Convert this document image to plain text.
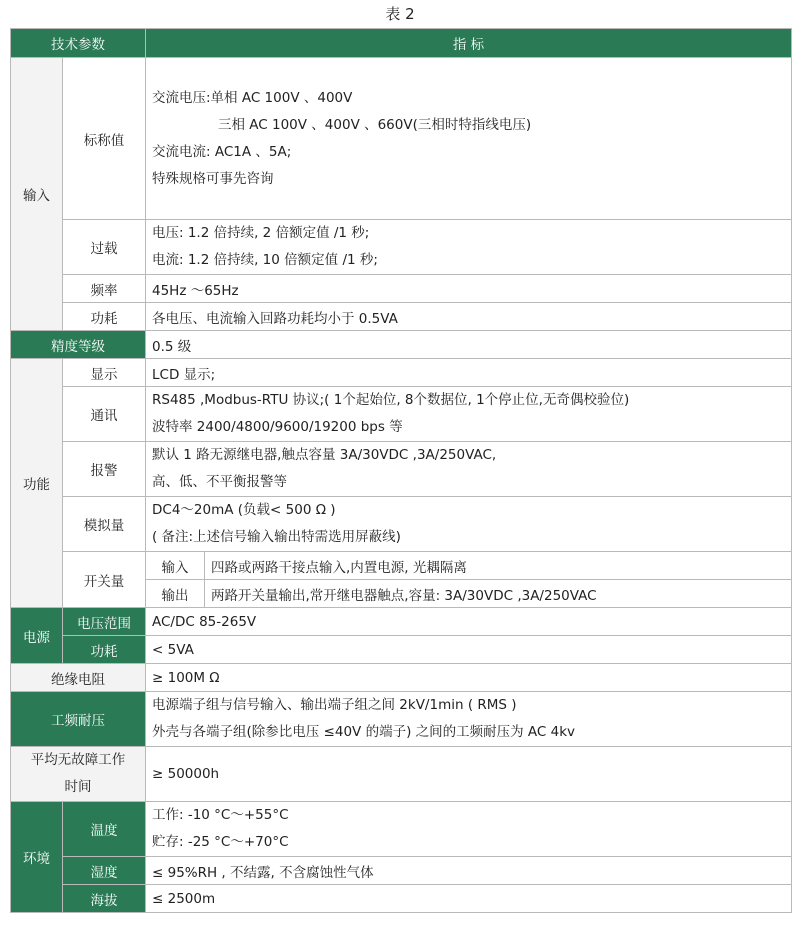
表 2
技术参数		指 标	
输入	标称值	交流电压:单相 AC 100V 、400V
三相 AC 100V 、400V 、660V(三相时特指线电压)
交流电流: AC1A 、5A;
特殊规格可事先咨询	

	过载	电压: 1.2 倍持续, 2 倍额定值 /1 秒;
电流: 1.2 倍持续, 10 倍额定值 /1 秒;	

	频率	45Hz ～65Hz	
	功耗	各电压、电流输入回路功耗均小于 0.5VA	
精度等级		0.5 级	
功能	显示	LCD 显示;	
	通讯	RS485 ,Modbus-RTU 协议;( 1个起始位, 8个数据位, 1个停止位,无奇偶校验位)
波特率 2400/4800/9600/19200 bps 等	

	报警	默认 1 路无源继电器,触点容量 3A/30VDC ,3A/250VAC,
高、低、不平衡报警等	

	模拟量	DC4～20mA (负载< 500 Ω )
( 备注:上述信号输入输出特需选用屏蔽线)	

	开关量	输入	四路或两路干接点输入,内置电源, 光耦隔离
		输出	两路开关量输出,常开继电器触点,容量: 3A/30VDC ,3A/250VAC
电源	电压范围	AC/DC 85-265V	
	功耗	< 5VA	
绝缘电阻		≥ 100M Ω	
工频耐压		电源端子组与信号输入、输出端子组之间 2kV/1min ( RMS )
外壳与各端子组(除参比电压 ≤40V 的端子) 之间的工频耐压为 AC 4kv	

平均无故障工作
时间		≥ 50000h	
环境	温度	工作: -10 °C～+55°C
贮存: -25 °C～+70°C	

	湿度	≤ 95%RH , 不结露, 不含腐蚀性气体	
	海拔	≤ 2500m	
